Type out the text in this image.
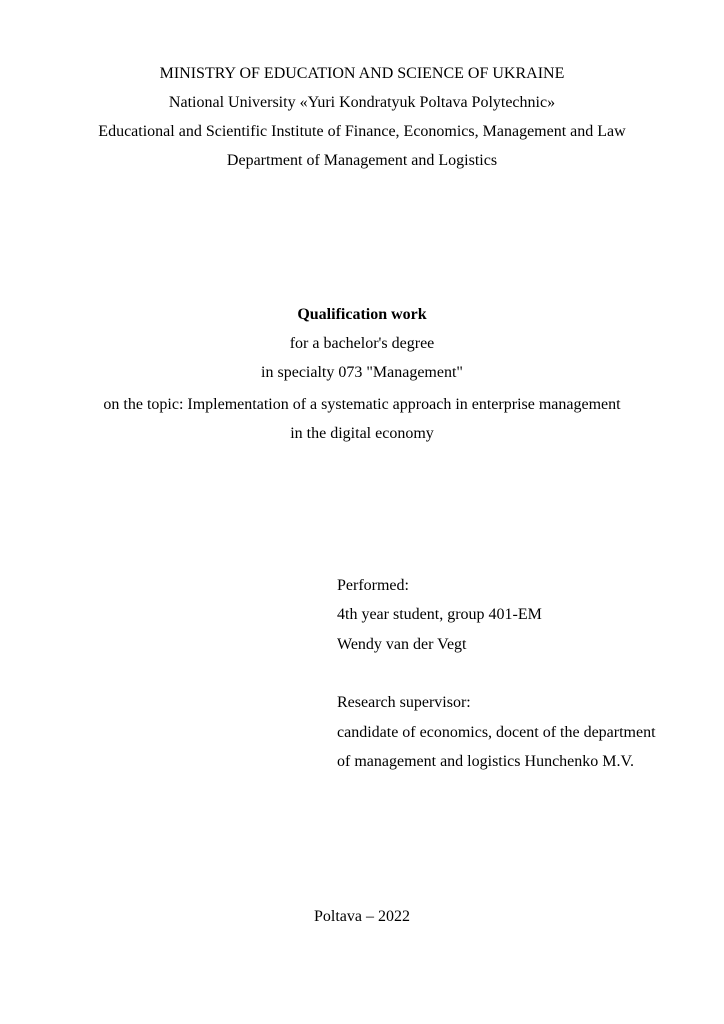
MINISTRY OF EDUCATION AND SCIENCE OF UKRAINE
National University «Yuri Kondratyuk Poltava Polytechnic»
Educational and Scientific Institute of Finance, Economics, Management and Law
Department of Management and Logistics
Qualification work
for a bachelor's degree
in specialty 073 "Management"
on the topic: Implementation of a systematic approach in enterprise management
in the digital economy
Performed:
4th year student, group 401-EM
Wendy van der Vegt
Research supervisor:
candidate of economics, docent of the department
of management and logistics Hunchenko M.V.
Poltava – 2022
